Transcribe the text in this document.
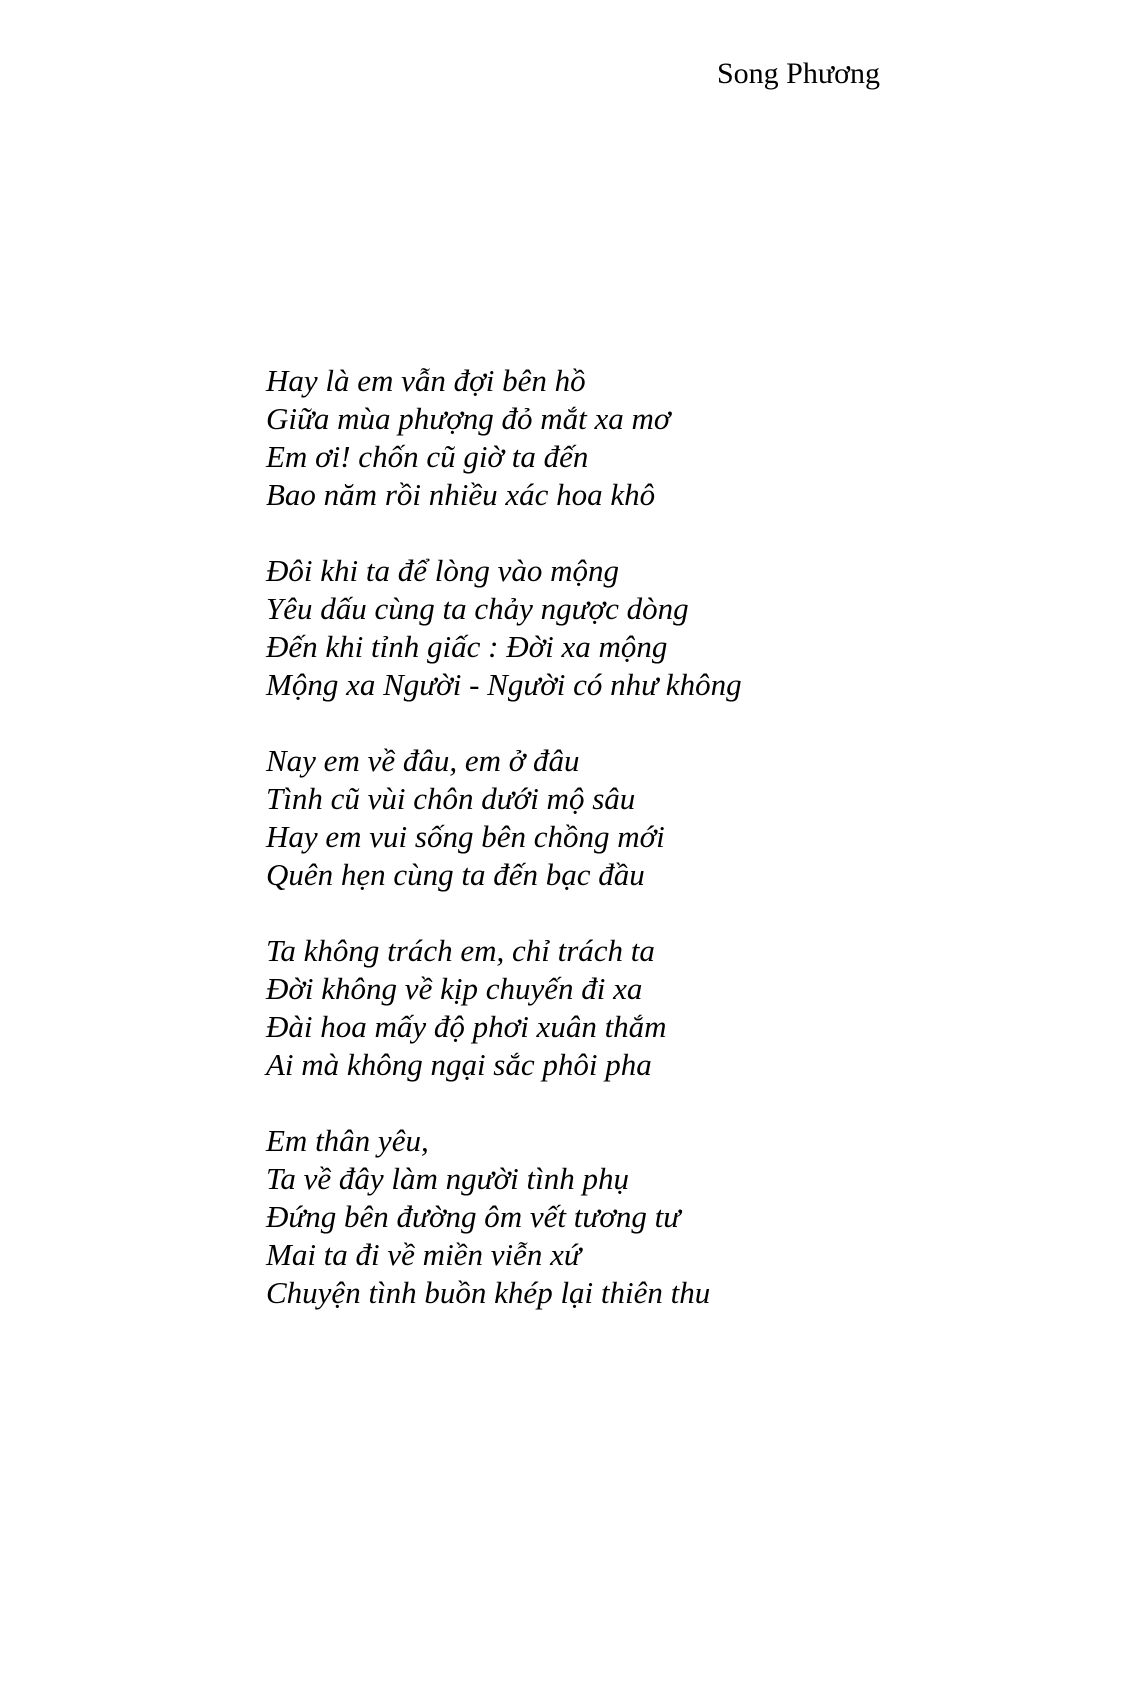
Song Phương
Hay là em vẫn đợi bên hồ
Giữa mùa phượng đỏ mắt xa mơ
Em ơi! chốn cũ giờ ta đến
Bao năm rồi nhiều xác hoa khô
Đôi khi ta để lòng vào mộng
Yêu dấu cùng ta chảy ngược dòng
Đến khi tỉnh giấc : Đời xa mộng
Mộng xa Người - Người có như không
Nay em về đâu, em ở đâu
Tình cũ vùi chôn dưới mộ sâu
Hay em vui sống bên chồng mới
Quên hẹn cùng ta đến bạc đầu
Ta không trách em, chỉ trách ta
Đời không về kịp chuyến đi xa
Đài hoa mấy độ phơi xuân thắm
Ai mà không ngại sắc phôi pha
Em thân yêu,
Ta về đây làm người tình phụ
Đứng bên đường ôm vết tương tư
Mai ta đi về miền viễn xứ
Chuyện tình buồn khép lại thiên thu
